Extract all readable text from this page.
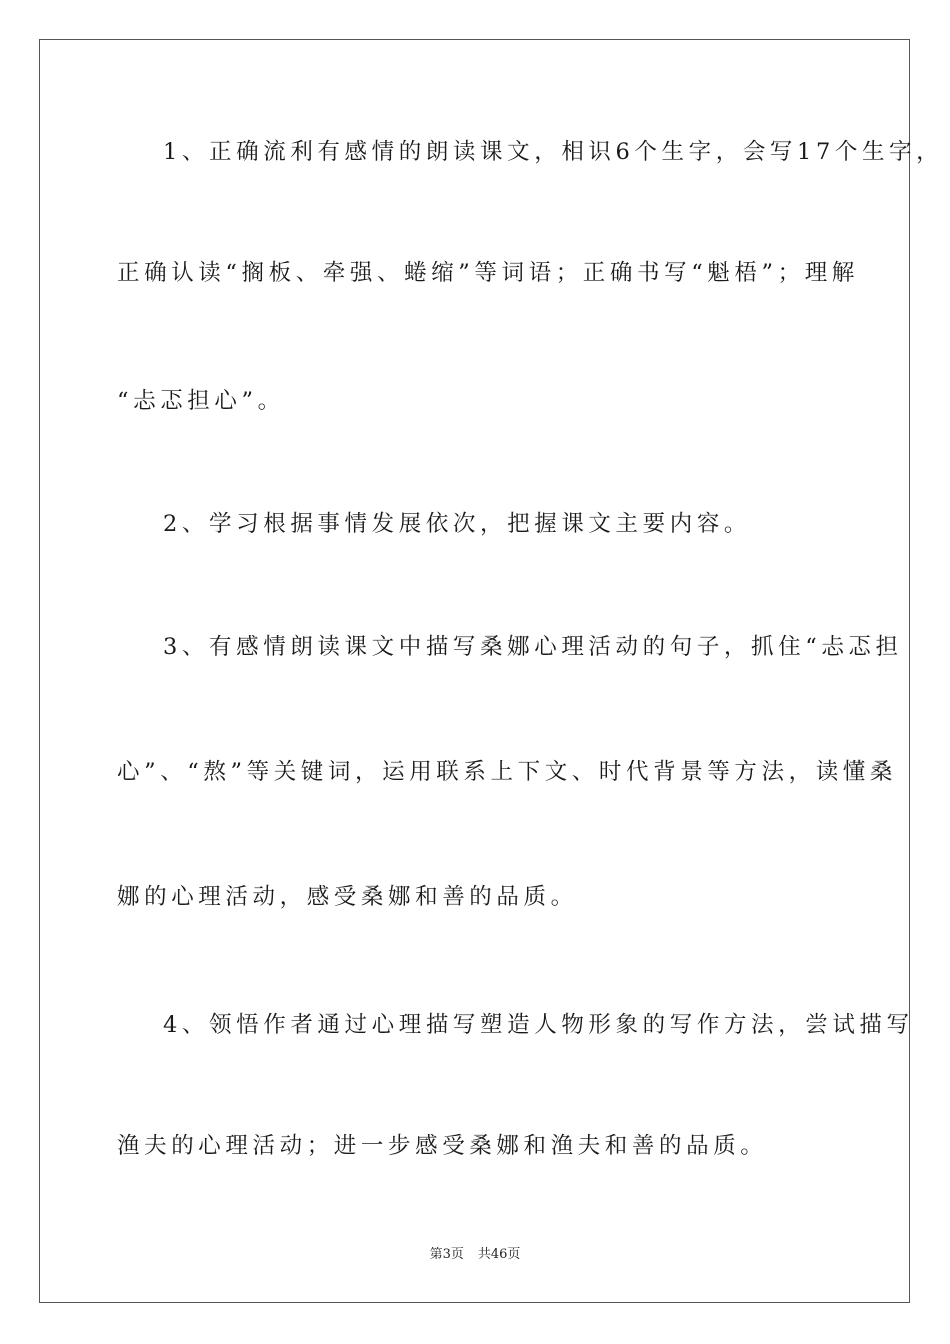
1、正确流利有感情的朗读课文，相识6个生字，会写17个生字，
正确认读“搁板、牵强、蜷缩”等词语；正确书写“魁梧”；理解
“忐忑担心”。
2、学习根据事情发展依次，把握课文主要内容。
3、有感情朗读课文中描写桑娜心理活动的句子，抓住“忐忑担
心”、“熬”等关键词，运用联系上下文、时代背景等方法，读懂桑
娜的心理活动，感受桑娜和善的品质。
4、领悟作者通过心理描写塑造人物形象的写作方法，尝试描写
渔夫的心理活动；进一步感受桑娜和渔夫和善的品质。
第3页 共46页
